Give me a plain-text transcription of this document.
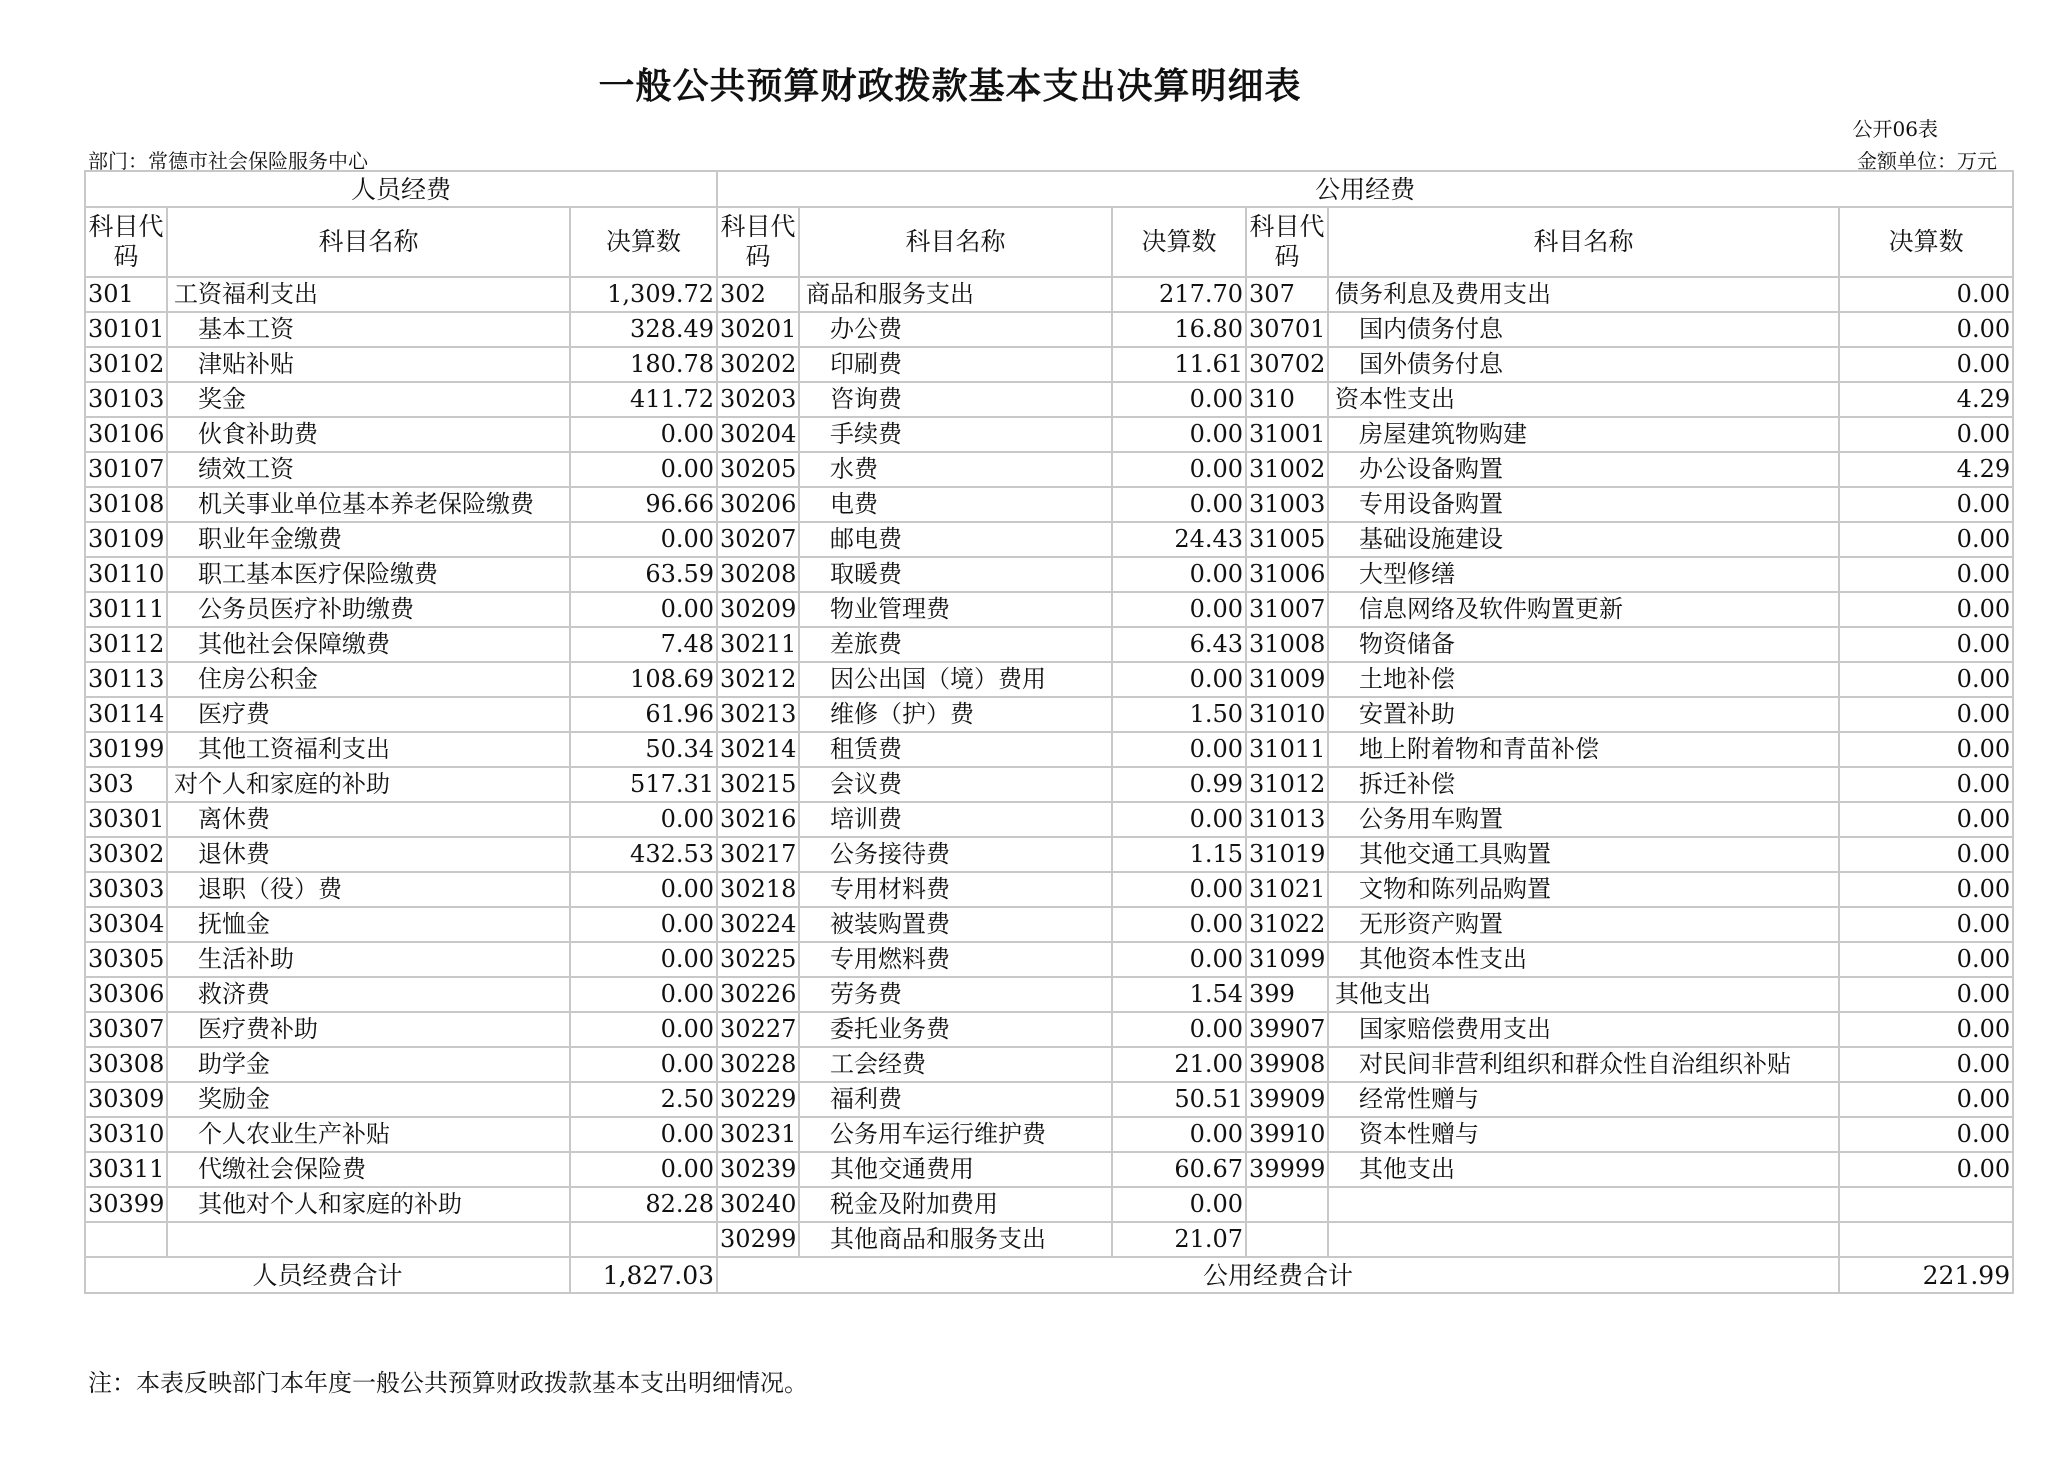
一般公共预算财政拨款基本支出决算明细表
公开06表
部门：常德市社会保险服务中心	金额单位：万元
人员经费			公用经费					
科目代码	科目名称	决算数	科目代码	科目名称	决算数	科目代码	科目名称	决算数
301	工资福利支出	1,309.72	302	商品和服务支出	217.70	307	债务利息及费用支出	0.00
30101	基本工资	328.49	30201	办公费	16.80	30701	国内债务付息	0.00
30102	津贴补贴	180.78	30202	印刷费	11.61	30702	国外债务付息	0.00
30103	奖金	411.72	30203	咨询费	0.00	310	资本性支出	4.29
30106	伙食补助费	0.00	30204	手续费	0.00	31001	房屋建筑物购建	0.00
30107	绩效工资	0.00	30205	水费	0.00	31002	办公设备购置	4.29
30108	机关事业单位基本养老保险缴费	96.66	30206	电费	0.00	31003	专用设备购置	0.00
30109	职业年金缴费	0.00	30207	邮电费	24.43	31005	基础设施建设	0.00
30110	职工基本医疗保险缴费	63.59	30208	取暖费	0.00	31006	大型修缮	0.00
30111	公务员医疗补助缴费	0.00	30209	物业管理费	0.00	31007	信息网络及软件购置更新	0.00
30112	其他社会保障缴费	7.48	30211	差旅费	6.43	31008	物资储备	0.00
30113	住房公积金	108.69	30212	因公出国（境）费用	0.00	31009	土地补偿	0.00
30114	医疗费	61.96	30213	维修（护）费	1.50	31010	安置补助	0.00
30199	其他工资福利支出	50.34	30214	租赁费	0.00	31011	地上附着物和青苗补偿	0.00
303	对个人和家庭的补助	517.31	30215	会议费	0.99	31012	拆迁补偿	0.00
30301	离休费	0.00	30216	培训费	0.00	31013	公务用车购置	0.00
30302	退休费	432.53	30217	公务接待费	1.15	31019	其他交通工具购置	0.00
30303	退职（役）费	0.00	30218	专用材料费	0.00	31021	文物和陈列品购置	0.00
30304	抚恤金	0.00	30224	被装购置费	0.00	31022	无形资产购置	0.00
30305	生活补助	0.00	30225	专用燃料费	0.00	31099	其他资本性支出	0.00
30306	救济费	0.00	30226	劳务费	1.54	399	其他支出	0.00
30307	医疗费补助	0.00	30227	委托业务费	0.00	39907	国家赔偿费用支出	0.00
30308	助学金	0.00	30228	工会经费	21.00	39908	对民间非营利组织和群众性自治组织补贴	0.00
30309	奖励金	2.50	30229	福利费	50.51	39909	经常性赠与	0.00
30310	个人农业生产补贴	0.00	30231	公务用车运行维护费	0.00	39910	资本性赠与	0.00
30311	代缴社会保险费	0.00	30239	其他交通费用	60.67	39999	其他支出	0.00
30399	其他对个人和家庭的补助	82.28	30240	税金及附加费用	0.00			
			30299	其他商品和服务支出	21.07			
人员经费合计		1,827.03	公用经费合计					221.99
注：本表反映部门本年度一般公共预算财政拨款基本支出明细情况。
